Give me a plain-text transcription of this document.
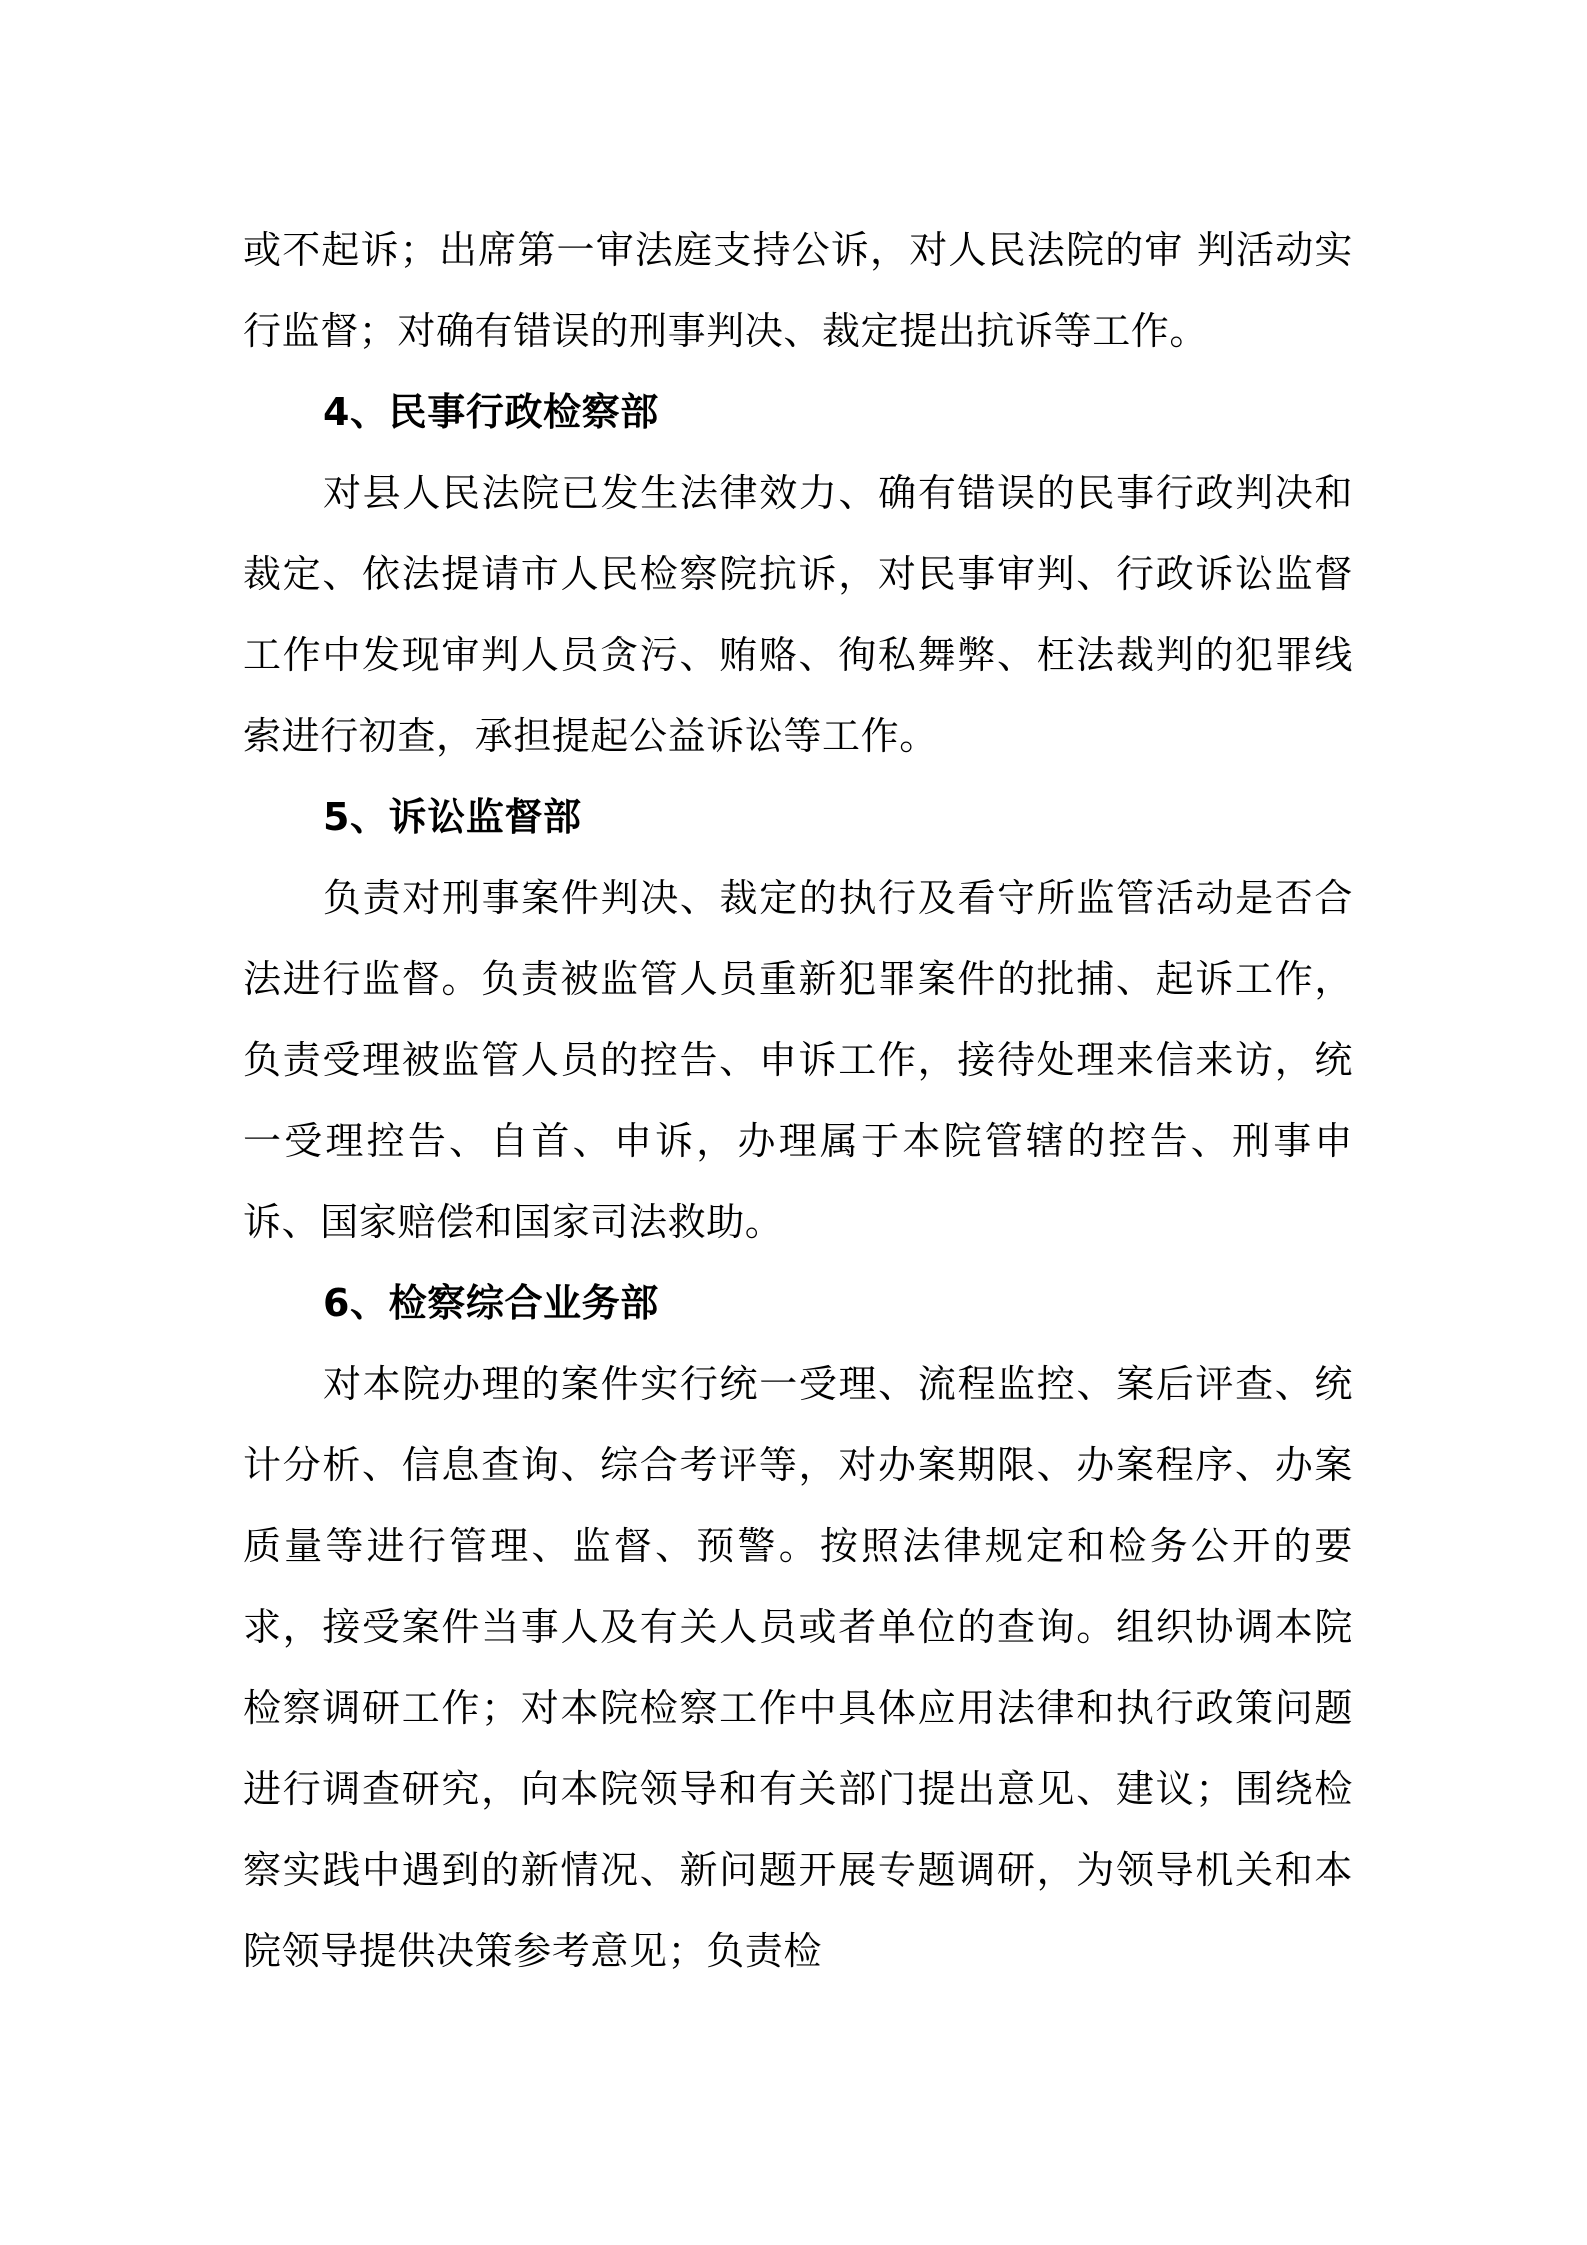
或不起诉；出席第一审法庭支持公诉，对人民法院的审 判活动实行监督；对确有错误的刑事判决、裁定提出抗诉等工作。

4、民事行政检察部

对县人民法院已发生法律效力、确有错误的民事行政判决和裁定、依法提请市人民检察院抗诉，对民事审判、行政诉讼监督工作中发现审判人员贪污、贿赂、徇私舞弊、枉法裁判的犯罪线索进行初查，承担提起公益诉讼等工作。

5、诉讼监督部

负责对刑事案件判决、裁定的执行及看守所监管活动是否合法进行监督。负责被监管人员重新犯罪案件的批捕、起诉工作，负责受理被监管人员的控告、申诉工作，接待处理来信来访，统一受理控告、自首、申诉，办理属于本院管辖的控告、刑事申诉、国家赔偿和国家司法救助。

6、检察综合业务部

对本院办理的案件实行统一受理、流程监控、案后评查、统计分析、信息查询、综合考评等，对办案期限、办案程序、办案质量等进行管理、监督、预警。按照法律规定和检务公开的要求，接受案件当事人及有关人员或者单位的查询。组织协调本院检察调研工作；对本院检察工作中具体应用法律和执行政策问题进行调查研究，向本院领导和有关部门提出意见、建议；围绕检察实践中遇到的新情况、新问题开展专题调研，为领导机关和本院领导提供决策参考意见；负责检
